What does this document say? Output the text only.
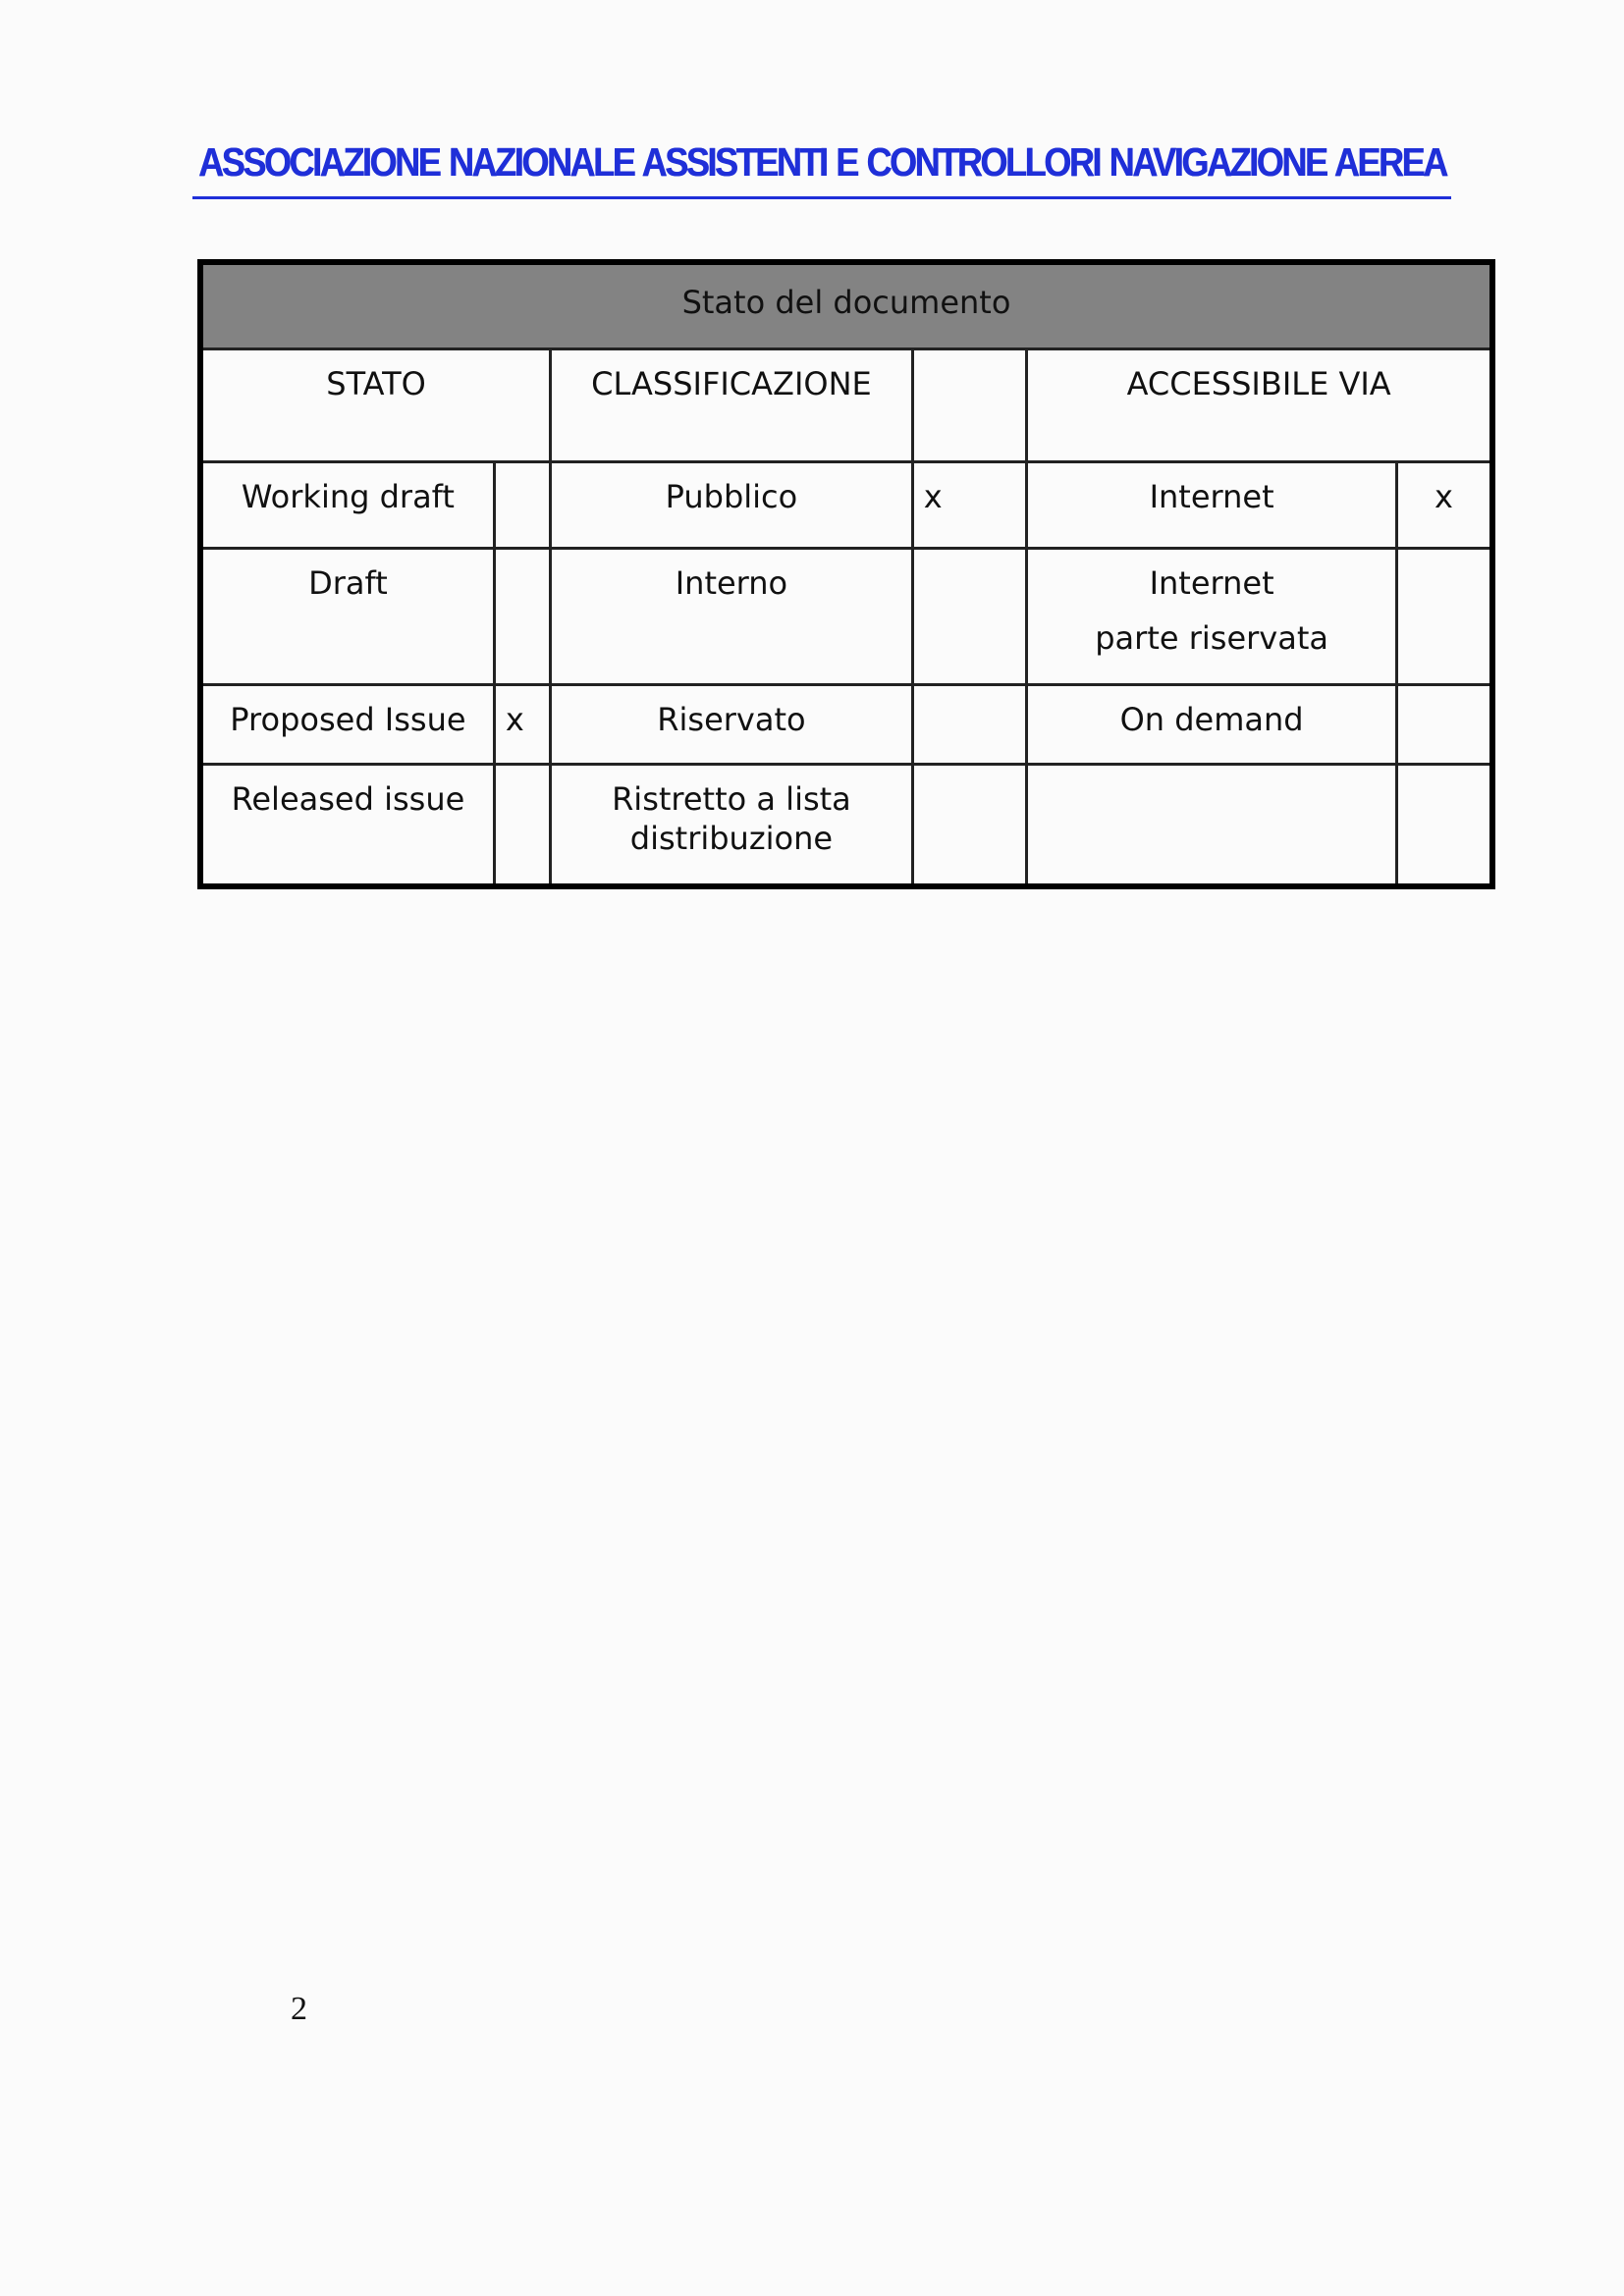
ASSOCIAZIONE NAZIONALE ASSISTENTI E CONTROLLORI NAVIGAZIONE AEREA
Stato del documento					
STATO		CLASSIFICAZIONE		ACCESSIBILE VIA	
Working draft		Pubblico	x	Internet	x
Draft		Interno		Internet
parte riservata	

Proposed Issue	x	Riservato		On demand	
Released issue		Ristretto a lista distribuzione			
2
